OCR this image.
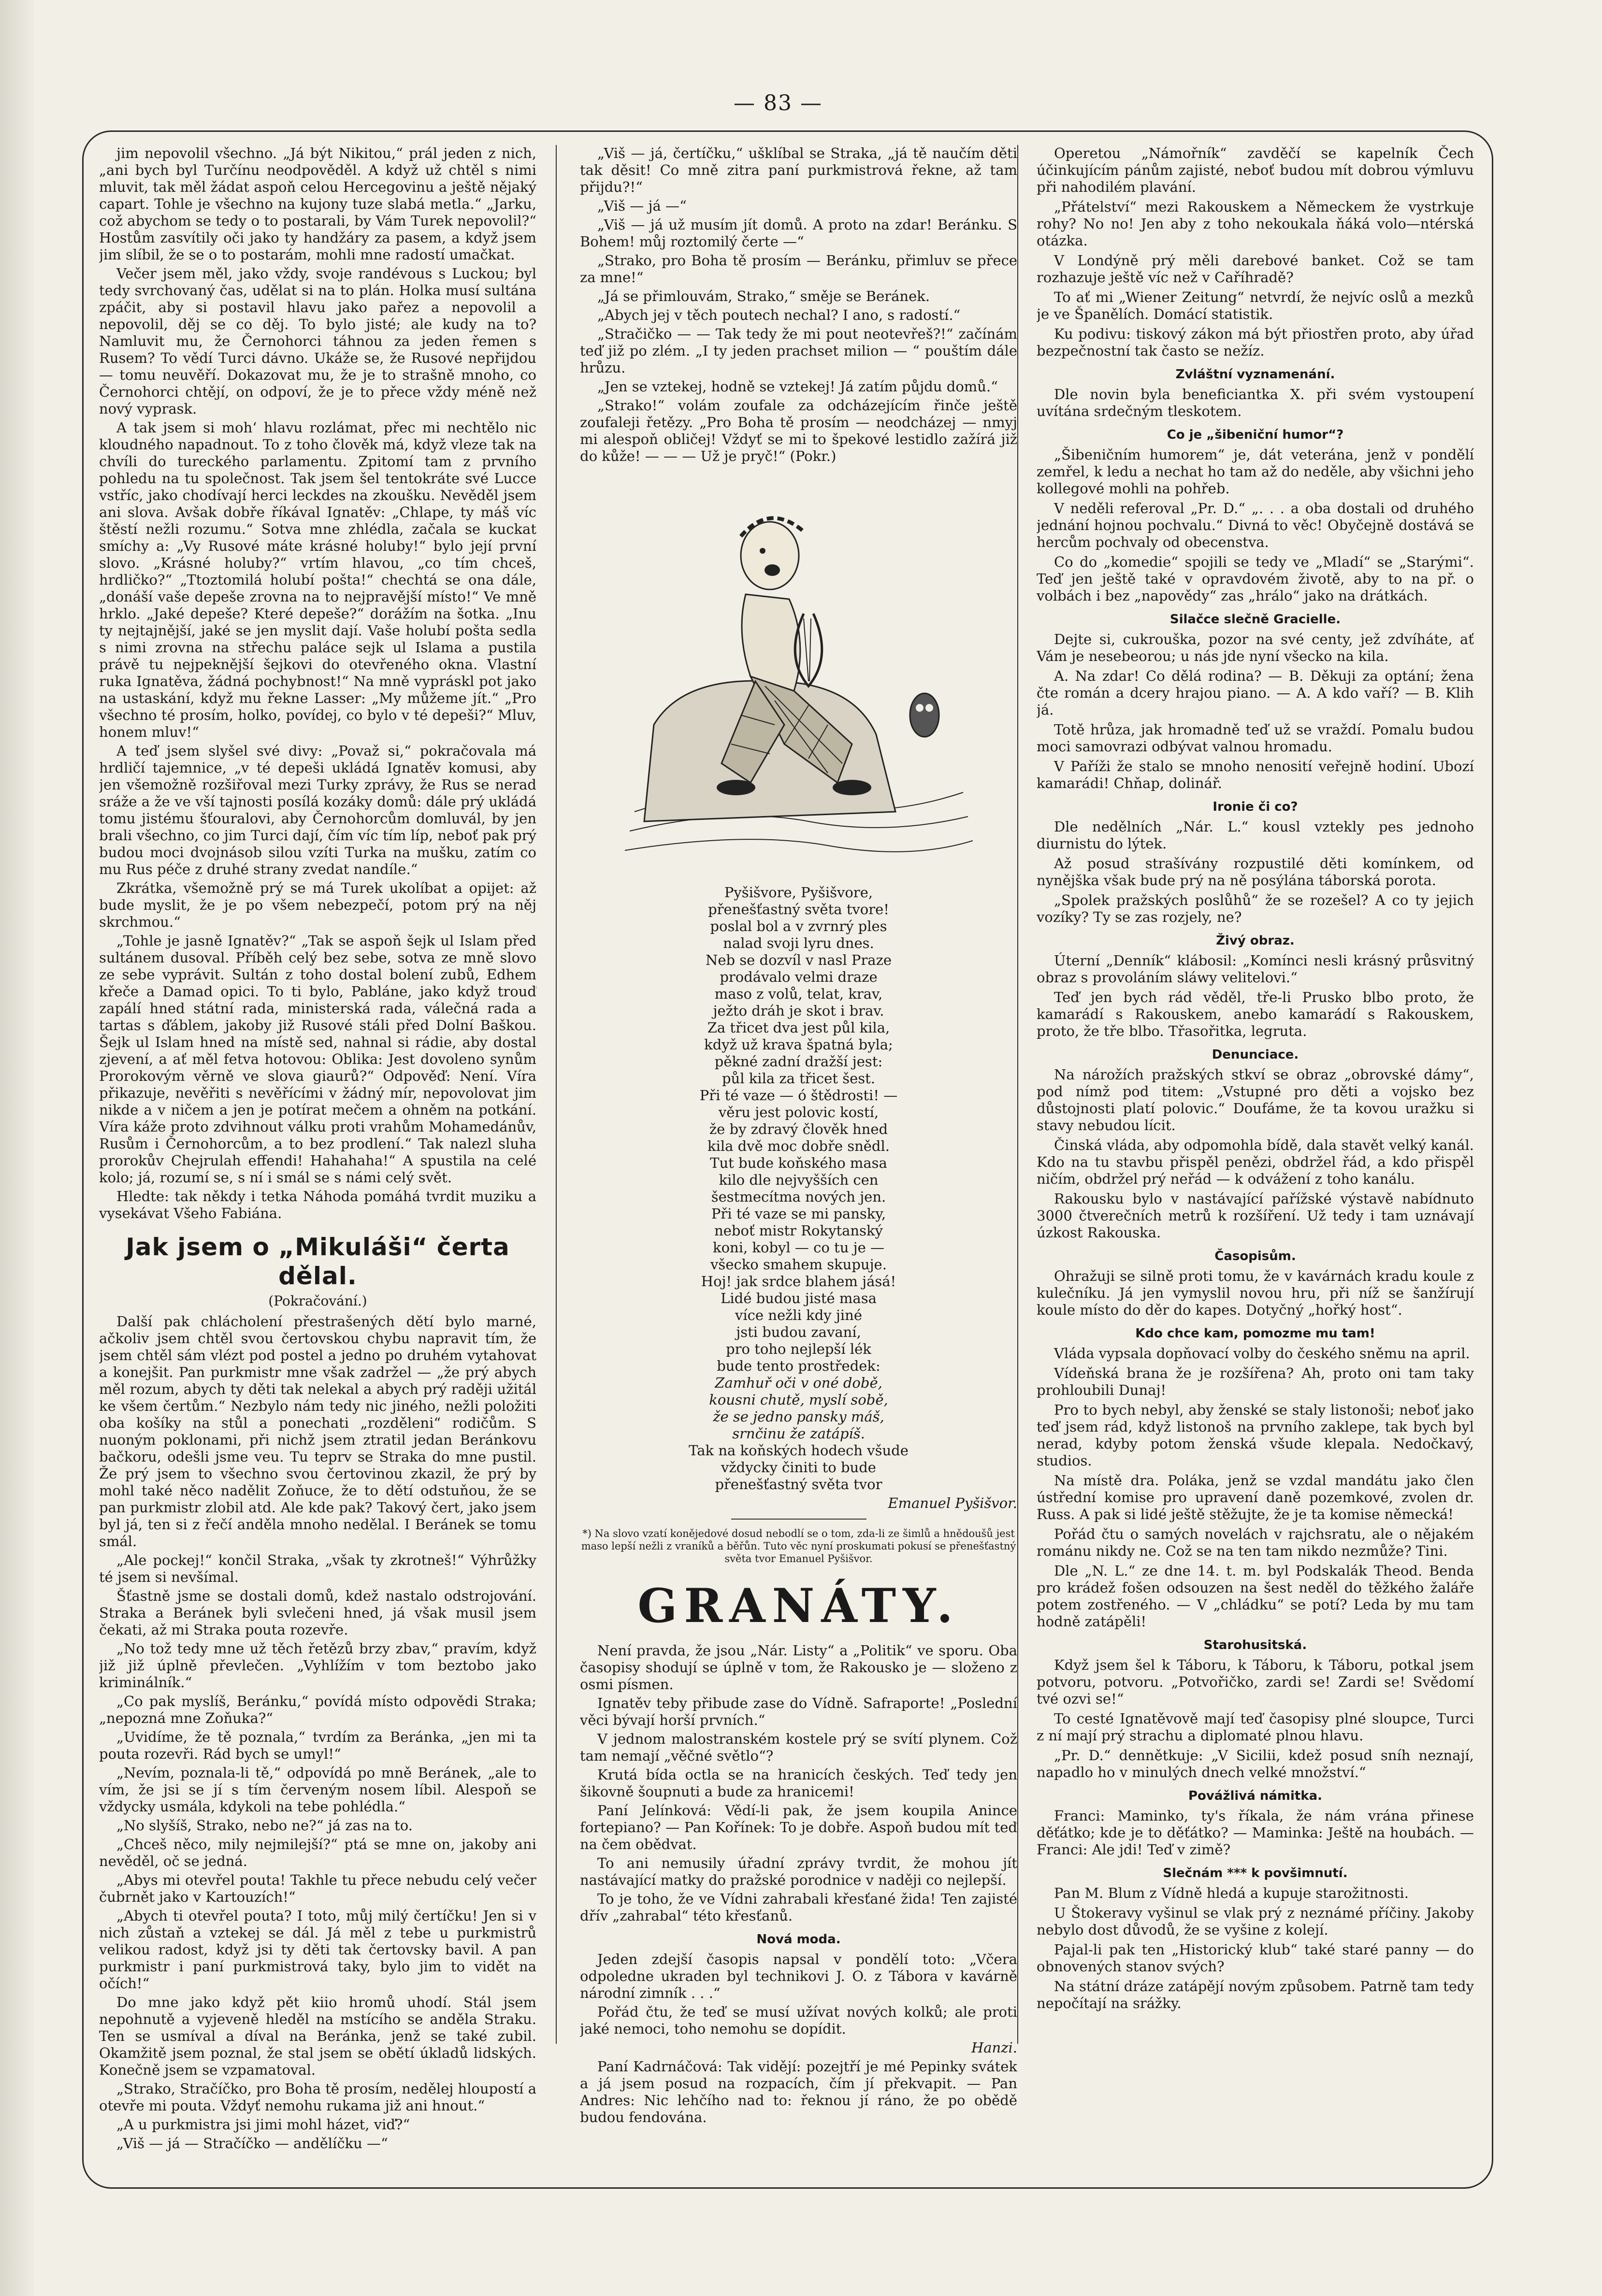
— 83 —

jim nepovolil všechno. „Já být Nikitou,“ prál jeden z nich, „ani bych byl Turčínu neodpověděl. A když už chtěl s nimi mluvit, tak měl žádat aspoň celou Hercegovinu a ještě nějaký capart. Tohle je všechno na kujony tuze slabá metla.“ „Jarku, což abychom se tedy o to postarali, by Vám Turek nepovolil?“ Hostům zasvítily oči jako ty handžáry za pasem, a když jsem jim slíbil, že se o to postarám, mohli mne radostí umačkat.

Večer jsem měl, jako vždy, svoje randévous s Luckou; byl tedy svrchovaný čas, udělat si na to plán. Holka musí sultána zpáčit, aby si postavil hlavu jako pařez a nepovolil a nepovolil, děj se co děj. To bylo jisté; ale kudy na to? Namluvit mu, že Černohorci táhnou za jeden řemen s Rusem? To vědí Turci dávno. Ukáže se, že Rusové nepřijdou — tomu neuvěří. Dokazovat mu, že je to strašně mnoho, co Černohorci chtějí, on odpoví, že je to přece vždy méně než nový vyprask.

A tak jsem si moh‘ hlavu rozlámat, přec mi nechtělo nic kloudného napadnout. To z toho člověk má, když vleze tak na chvíli do tureckého parlamentu. Zpitomí tam z prvního pohledu na tu společnost. Tak jsem šel tentokráte své Lucce vstříc, jako chodívají herci leckdes na zkoušku. Nevěděl jsem ani slova. Avšak dobře říkával Ignatěv: „Chlape, ty máš víc štěstí nežli rozumu.“ Sotva mne zhlédla, začala se kuckat smíchy a: „Vy Rusové máte krásné holuby!“ bylo její první slovo. „Krásné holuby?“ vrtím hlavou, „co tím chceš, hrdličko?“ „Ttoztomilá holubí pošta!“ chechtá se ona dále, „donáší vaše depeše zrovna na to nejpravější místo!“ Ve mně hrklo. „Jaké depeše? Které depeše?“ dorážím na šotka. „Inu ty nejtajnější, jaké se jen myslit dají. Vaše holubí pošta sedla s nimi zrovna na střechu paláce sejk ul Islama a pustila právě tu nejpeknější šejkovi do otevřeného okna. Vlastní ruka Ignatěva, žádná pochybnost!“ Na mně vypráskl pot jako na ustaskání, když mu řekne Lasser: „My můžeme jít.“ „Pro všechno té prosím, holko, povídej, co bylo v té depeši?“ Mluv, honem mluv!“

A teď jsem slyšel své divy: „Považ si,“ pokračovala má hrdličí tajemnice, „v té depeši ukládá Ignatěv komusi, aby jen všemožně rozšiřoval mezi Turky zprávy, že Rus se nerad sráže a že ve vší tajnosti posílá kozáky domů: dále prý ukládá tomu jistému šťouralovi, aby Černohorcům domluvál, by jen brali všechno, co jim Turci dají, čím víc tím líp, neboť pak prý budou moci dvojnásob silou vzíti Turka na mušku, zatím co mu Rus péče z druhé strany zvedat nandíle.“

Zkrátka, všemožně prý se má Turek ukolíbat a opijet: až bude myslit, že je po všem nebezpečí, potom prý na něj skrchmou.“

„Tohle je jasně Ignatěv?“ „Tak se aspoň šejk ul Islam před sultánem dusoval. Příběh celý bez sebe, sotva ze mně slovo ze sebe vyprávit. Sultán z toho dostal bolení zubů, Edhem křeče a Damad opici. To ti bylo, Pabláne, jako když trouď zapálí hned státní rada, ministerská rada, válečná rada a tartas s ďáblem, jakoby již Rusové stáli před Dolní Baškou. Šejk ul Islam hned na místě sed, nahnal si rádie, aby dostal zjevení, a ať měl fetva hotovou: Oblika: Jest dovoleno synům Prorokovým věrně ve slova giaurů?“ Odpověď: Není. Víra přikazuje, nevěřiti s nevěřícími v žádný mír, nepovolovat jim nikde a v ničem a jen je potírat mečem a ohněm na potkání. Víra káže proto zdvihnout válku proti vrahům Mohamedánův, Rusům i Černohorcům, a to bez prodlení.“ Tak nalezl sluha prorokův Chejrulah effendi! Hahahaha!“ A spustila na celé kolo; já, rozumí se, s ní i smál se s námi celý svět.

Hledte: tak někdy i tetka Náhoda pomáhá tvrdit muziku a vysekávat Všeho Fabiána.

Jak jsem o „Mikuláši“ čerta dělal.
(Pokračování.)

Další pak chlácholení přestrašených dětí bylo marné, ačkoliv jsem chtěl svou čertovskou chybu napravit tím, že jsem chtěl sám vlézt pod postel a jedno po druhém vytahovat a konejšit. Pan purkmistr mne však zadržel — „že prý abych měl rozum, abych ty děti tak nelekal a abych prý raději užitál ke všem čertům.“ Nezbylo nám tedy nic jiného, nežli položiti oba košíky na stůl a ponechati „rozděleni“ rodičům. S nuoným poklonami, při nichž jsem ztratil jedan Beránkovu bačkoru, odešli jsme veu. Tu teprv se Straka do mne pustil. Že prý jsem to všechno svou čertovinou zkazil, že prý by mohl také něco nadělit Zoňuce, že to dětí odstuňou, že se pan purkmistr zlobil atd. Ale kde pak? Takový čert, jako jsem byl já, ten si z řečí anděla mnoho nedělal. I Beránek se tomu smál.

„Ale pockej!“ končil Straka, „však ty zkrotneš!“ Výhrůžky té jsem si nevšímal.

Šťastně jsme se dostali domů, kdež nastalo odstrojování. Straka a Beránek byli svlečeni hned, já však musil jsem čekati, až mi Straka pouta rozevře.

„No tož tedy mne už těch řetězů brzy zbav,“ pravím, když již již úplně převlečen. „Vyhlížím v tom beztobo jako kriminálník.“

„Co pak myslíš, Beránku,“ povídá místo odpovědi Straka; „nepozná mne Zoňuka?“

„Uvidíme, že tě poznala,“ tvrdím za Beránka, „jen mi ta pouta rozevři. Rád bych se umyl!“

„Nevím, poznala-li tě,“ odpovídá po mně Beránek, „ale to vím, že jsi se jí s tím červeným nosem líbil. Alespoň se vždycky usmála, kdykoli na tebe pohlédla.“

„No slyšíš, Strako, nebo ne?“ já zas na to.

„Chceš něco, mily nejmilejší?“ ptá se mne on, jakoby ani nevěděl, oč se jedná.

„Abys mi otevřel pouta! Takhle tu přece nebudu celý večer čubrnět jako v Kartouzích!“

„Abych ti otevřel pouta? I toto, můj milý čertíčku! Jen si v nich zůstaň a vztekej se dál. Já měl z tebe u purkmistrů velikou radost, když jsi ty děti tak čertovsky bavil. A pan purkmistr i paní purkmistrová taky, bylo jim to vidět na očích!“

Do mne jako když pět kiio hromů uhodí. Stál jsem nepohnutě a vyjeveně hleděl na mstícího se anděla Straku. Ten se usmíval a díval na Beránka, jenž se také zubil. Okamžitě jsem poznal, že stal jsem se obětí úkladů lidských. Konečně jsem se vzpamatoval.

„Strako, Stračíčko, pro Boha tě prosím, nedělej hloupostí a otevře mi pouta. Vždyť nemohu rukama již ani hnout.“

„A u purkmistra jsi jimi mohl házet, viď?“

„Viš — já — Stračíčko — andělíčku —“

„Viš — já, čertíčku,“ ušklíbal se Straka, „já tě naučím děti tak děsit! Co mně zitra paní purkmistrová řekne, až tam přijdu?!“

„Viš — já —“

„Viš — já už musím jít domů. A proto na zdar! Beránku. S Bohem! můj roztomilý čerte —“

„Strako, pro Boha tě prosím — Beránku, přimluv se přece za mne!“

„Já se přimlouvám, Strako,“ směje se Beránek.

„Abych jej v těch poutech nechal? I ano, s radostí.“

„Stračičko — — Tak tedy že mi pout neotevřeš?!“ začínám teď již po zlém. „I ty jeden prachset milion — “ pouštím dále hrůzu.

„Jen se vztekej, hodně se vztekej! Já zatím půjdu domů.“

„Strako!“ volám zoufale za odcházejícím řinče ještě zoufaleji řetězy. „Pro Boha tě prosím — neodcházej — nmyj mi alespoň obličej! Vždyť se mi to špekové lestidlo zažírá již do kůže! — — — Už je pryč!“ (Pokr.)

Pyšišvore, Pyšišvore,
přenešťastný světa tvore!
poslal bol a v zvrnrý ples
nalad svoji lyru dnes.
Neb se dozvíl v nasl Praze
prodávalo velmi draze
maso z volů, telat, krav,
ježto dráh je skot i brav.
Za třicet dva jest půl kila,
když už krava špatná byla;
pěkné zadní dražší jest:
půl kila za třicet šest.
Při té vaze — ó štědrosti! —
věru jest polovic kostí,
že by zdravý člověk hned
kila dvě moc dobře snědl.
Tut bude koňského masa
kilo dle nejvyšších cen
šestmecítma nových jen.
Při té vaze se mi pansky,
neboť mistr Rokytanský
koni, kobyl — co tu je —
všecko smahem skupuje.
Hoj! jak srdce blahem jásá!
Lidé budou jisté masa
více nežli kdy jiné
jsti budou zavaní,
pro toho nejlepší lék
bude tento prostředek:
Zamhuř oči v oné době,
kousni chutě, myslí sobě,
že se jedno pansky máš,
srnčinu že zatápíš.
Tak na koňských hodech všude
vždycky činiti to bude
přenešťastný světa tvor

Emanuel Pyšišvor.

*) Na slovo vzatí konějedové dosud nebodlí se o tom, zda-li ze šimlů a hnědoušů jest maso lepší nežli z vraníků a běřůn. Tuto věc nyní proskumati pokusí se přenešťastný světa tvor Emanuel Pyšišvor.
GRANÁTY.

Není pravda, že jsou „Nár. Listy“ a „Politik“ ve sporu. Oba časopisy shodují se úplně v tom, že Rakousko je — složeno z osmi písmen.

Ignatěv teby přibude zase do Vídně. Safraporte! „Poslední věci bývají horší prvních.“

V jednom malostranském kostele prý se svítí plynem. Což tam nemají „věčné světlo“?

Krutá bída octla se na hranicích českých. Teď tedy jen šikovně šoupnuti a bude za hranicemi!

Paní Jelínková: Vědí-li pak, že jsem koupila Anince fortepiano? — Pan Kořínek: To je dobře. Aspoň budou mít teď na čem obědvat.

To ani nemusily úřadní zprávy tvrdit, že mohou jít nastávající matky do pražské porodnice v naději co nejlepší.

To je toho, že ve Vídni zahrabali křesťané žida! Ten zajisté dřív „zahrabal“ této křesťanů.

Nová moda.

Jeden zdejší časopis napsal v pondělí toto: „Včera odpoledne ukraden byl technikovi J. O. z Tábora v kavárně národní zimník . . .“

Pořád čtu, že teď se musí užívat nových kolků; ale proti jaké nemoci, toho nemohu se dopídit.

Hanzi.

Paní Kadrnáčová: Tak vidějí: pozejtří je mé Pepinky svátek a já jsem posud na rozpacích, čím jí překvapit. — Pan Andres: Nic lehčího nad to: řeknou jí ráno, že po obědě budou fendována.

Operetou „Námořník“ zavděčí se kapelník Čech účinkujícím pánům zajisté, neboť budou mít dobrou výmluvu při nahodilém plavání.

„Přátelství“ mezi Rakouskem a Německem že vystrkuje rohy? No no! Jen aby z toho nekoukala ňáká volo—ntérská otázka.

V Londýně prý měli darebové banket. Což se tam rozhazuje ještě víc než v Caříhradě?

To ať mi „Wiener Zeitung“ netvrdí, že nejvíc oslů a mezků je ve Španělích. Domácí statistik.

Ku podivu: tiskový zákon má být přiostřen proto, aby úřad bezpečnostní tak často se nežíz.

Zvláštní vyznamenání.

Dle novin byla beneficiantka X. při svém vystoupení uvítána srdečným tleskotem.

Co je „šibeniční humor“?

„Šibeničním humorem“ je, dát veterána, jenž v pondělí zemřel, k ledu a nechat ho tam až do neděle, aby všichni jeho kollegové mohli na pohřeb.

V neděli referoval „Pr. D.“ „. . . a oba dostali od druhého jednání hojnou pochvalu.“ Divná to věc! Obyčejně dostává se hercům pochvaly od obecenstva.

Co do „komedie“ spojili se tedy ve „Mladí“ se „Starými“. Teď jen ještě také v opravdovém životě, aby to na př. o volbách i bez „napovědy“ zas „hrálo“ jako na drátkách.

Silačce slečně Gracielle.

Dejte si, cukrouška, pozor na své centy, jež zdvíháte, ať Vám je nesebeorou; u nás jde nyní všecko na kila.

A. Na zdar! Co dělá rodina? — B. Děkuji za optání; žena čte román a dcery hrajou piano. — A. A kdo vaří? — B. Klih já.

Totě hrůza, jak hromadně teď už se vraždí. Pomalu budou moci samovrazi odbývat valnou hromadu.

V Paříži že stalo se mnoho nenosití veřejně hodiní. Ubozí kamarádi! Chňap, dolinář.

Ironie či co?

Dle nedělních „Nár. L.“ kousl vztekly pes jednoho diurnistu do lýtek.

Až posud strašívány rozpustilé děti komínkem, od nynějška však bude prý na ně posýlána táborská porota.

„Spolek pražských poslůhů“ že se rozešel? A co ty jejich vozíky? Ty se zas rozjely, ne?

Živý obraz.

Úterní „Denník“ klábosil: „Komínci nesli krásný průsvitný obraz s provoláním sláwy velitelovi.“

Teď jen bych rád věděl, tře-li Prusko blbo proto, že kamarádí s Rakouskem, anebo kamarádí s Rakouskem, proto, že tře blbo. Třasořitka, legruta.

Denunciace.

Na nárožích pražských stkví se obraz „obrovské dámy“, pod nímž pod titem: „Vstupné pro děti a vojsko bez důstojnosti platí polovic.“ Doufáme, že ta kovou uražku si stavy nebudou lícit.

Činská vláda, aby odpomohla bídě, dala stavět velký kanál. Kdo na tu stavbu přispěl penězi, obdržel řád, a kdo přispěl ničím, obdržel prý neřád — k odvážení z toho kanálu.

Rakousku bylo v nastávající pařížské výstavě nabídnuto 3000 čtverečních metrů k rozšíření. Už tedy i tam uznávají úzkost Rakouska.

Časopisům.

Ohražuji se silně proti tomu, že v kavárnách kradu koule z kulečníku. Já jen vymyslil novou hru, při níž se šanžírují koule místo do děr do kapes. Dotyčný „hořký host“.

Kdo chce kam, pomozme mu tam!

Vláda vypsala dopňovací volby do českého sněmu na april.

Vídeňská brana že je rozšířena? Ah, proto oni tam taky prohloubili Dunaj!

Pro to bych nebyl, aby ženské se staly listonoši; neboť jako teď jsem rád, když listonoš na prvního zaklepe, tak bych byl nerad, kdyby potom ženská všude klepala. Nedočkavý, studios.

Na místě dra. Poláka, jenž se vzdal mandátu jako člen ústřední komise pro upravení daně pozemkové, zvolen dr. Russ. A pak si lidé ještě stěžujte, že je ta komise německá!

Pořád čtu o samých novelách v rajchsratu, ale o nějakém románu nikdy ne. Což se na ten tam nikdo nezmůže? Tini.

Dle „N. L.“ ze dne 14. t. m. byl Podskalák Theod. Benda pro krádež fošen odsouzen na šest neděl do těžkého žaláře potem zostřeného. — V „chládku“ se potí? Leda by mu tam hodně zatápěli!

Starohusitská.

Když jsem šel k Táboru, k Táboru, k Táboru, potkal jsem potvoru, potvoru. „Potvořičko, zardi se! Zardi se! Svědomí tvé ozvi se!“

To cesté Ignatěvově mají teď časopisy plné sloupce, Turci z ní mají prý strachu a diplomaté plnou hlavu.

„Pr. D.“ dennětkuje: „V Sicilii, kdež posud sníh neznají, napadlo ho v minulých dnech velké množství.“

Povážlivá námitka.

Franci: Maminko, ty's říkala, že nám vrána přinese děťátko; kde je to děťátko? — Maminka: Ještě na houbách. — Franci: Ale jdi! Teď v zimě?

Slečnám *** k povšimnutí.

Pan M. Blum z Vídně hledá a kupuje starožitnosti.

U Štokeravy vyšinul se vlak prý z neznámé příčiny. Jakoby nebylo dost důvodů, že se vyšine z kolejí.

Pajal-li pak ten „Historický klub“ také staré panny — do obnovených stanov svých?

Na státní dráze zatápějí novým způsobem. Patrně tam tedy nepočítají na srážky.
